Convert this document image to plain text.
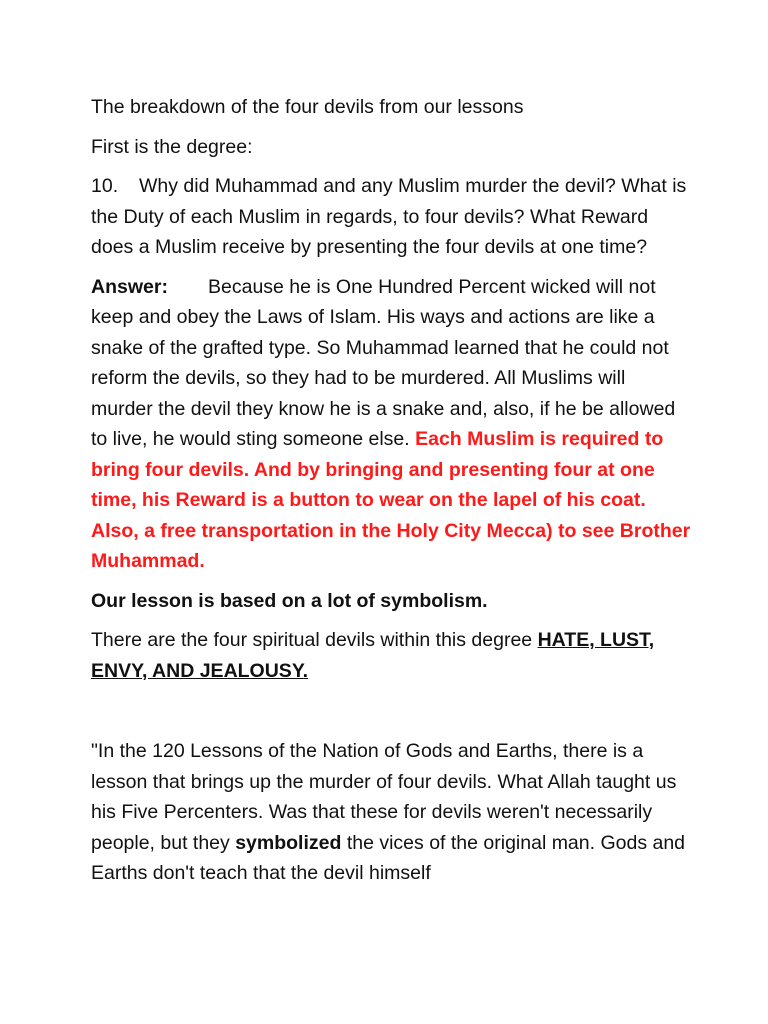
The breakdown of the four devils from our lessons

First is the degree:

10. Why did Muhammad and any Muslim murder the devil? What is the Duty of each Muslim in regards, to four devils? What Reward does a Muslim receive by presenting the four devils at one time?

Answer: Because he is One Hundred Percent wicked will not keep and obey the Laws of Islam. His ways and actions are like a snake of the grafted type. So Muhammad learned that he could not reform the devils, so they had to be murdered. All Muslims will murder the devil they know he is a snake and, also, if he be allowed to live, he would sting someone else. Each Muslim is required to bring four devils. And by bringing and presenting four at one time, his Reward is a button to wear on the lapel of his coat. Also, a free transportation in the Holy City Mecca) to see Brother Muhammad.

Our lesson is based on a lot of symbolism.

There are the four spiritual devils within this degree HATE, LUST, ENVY, AND JEALOUSY.

"In the 120 Lessons of the Nation of Gods and Earths, there is a lesson that brings up the murder of four devils. What Allah taught us his Five Percenters. Was that these for devils weren't necessarily people, but they symbolized the vices of the original man. Gods and Earths don't teach that the devil himself
